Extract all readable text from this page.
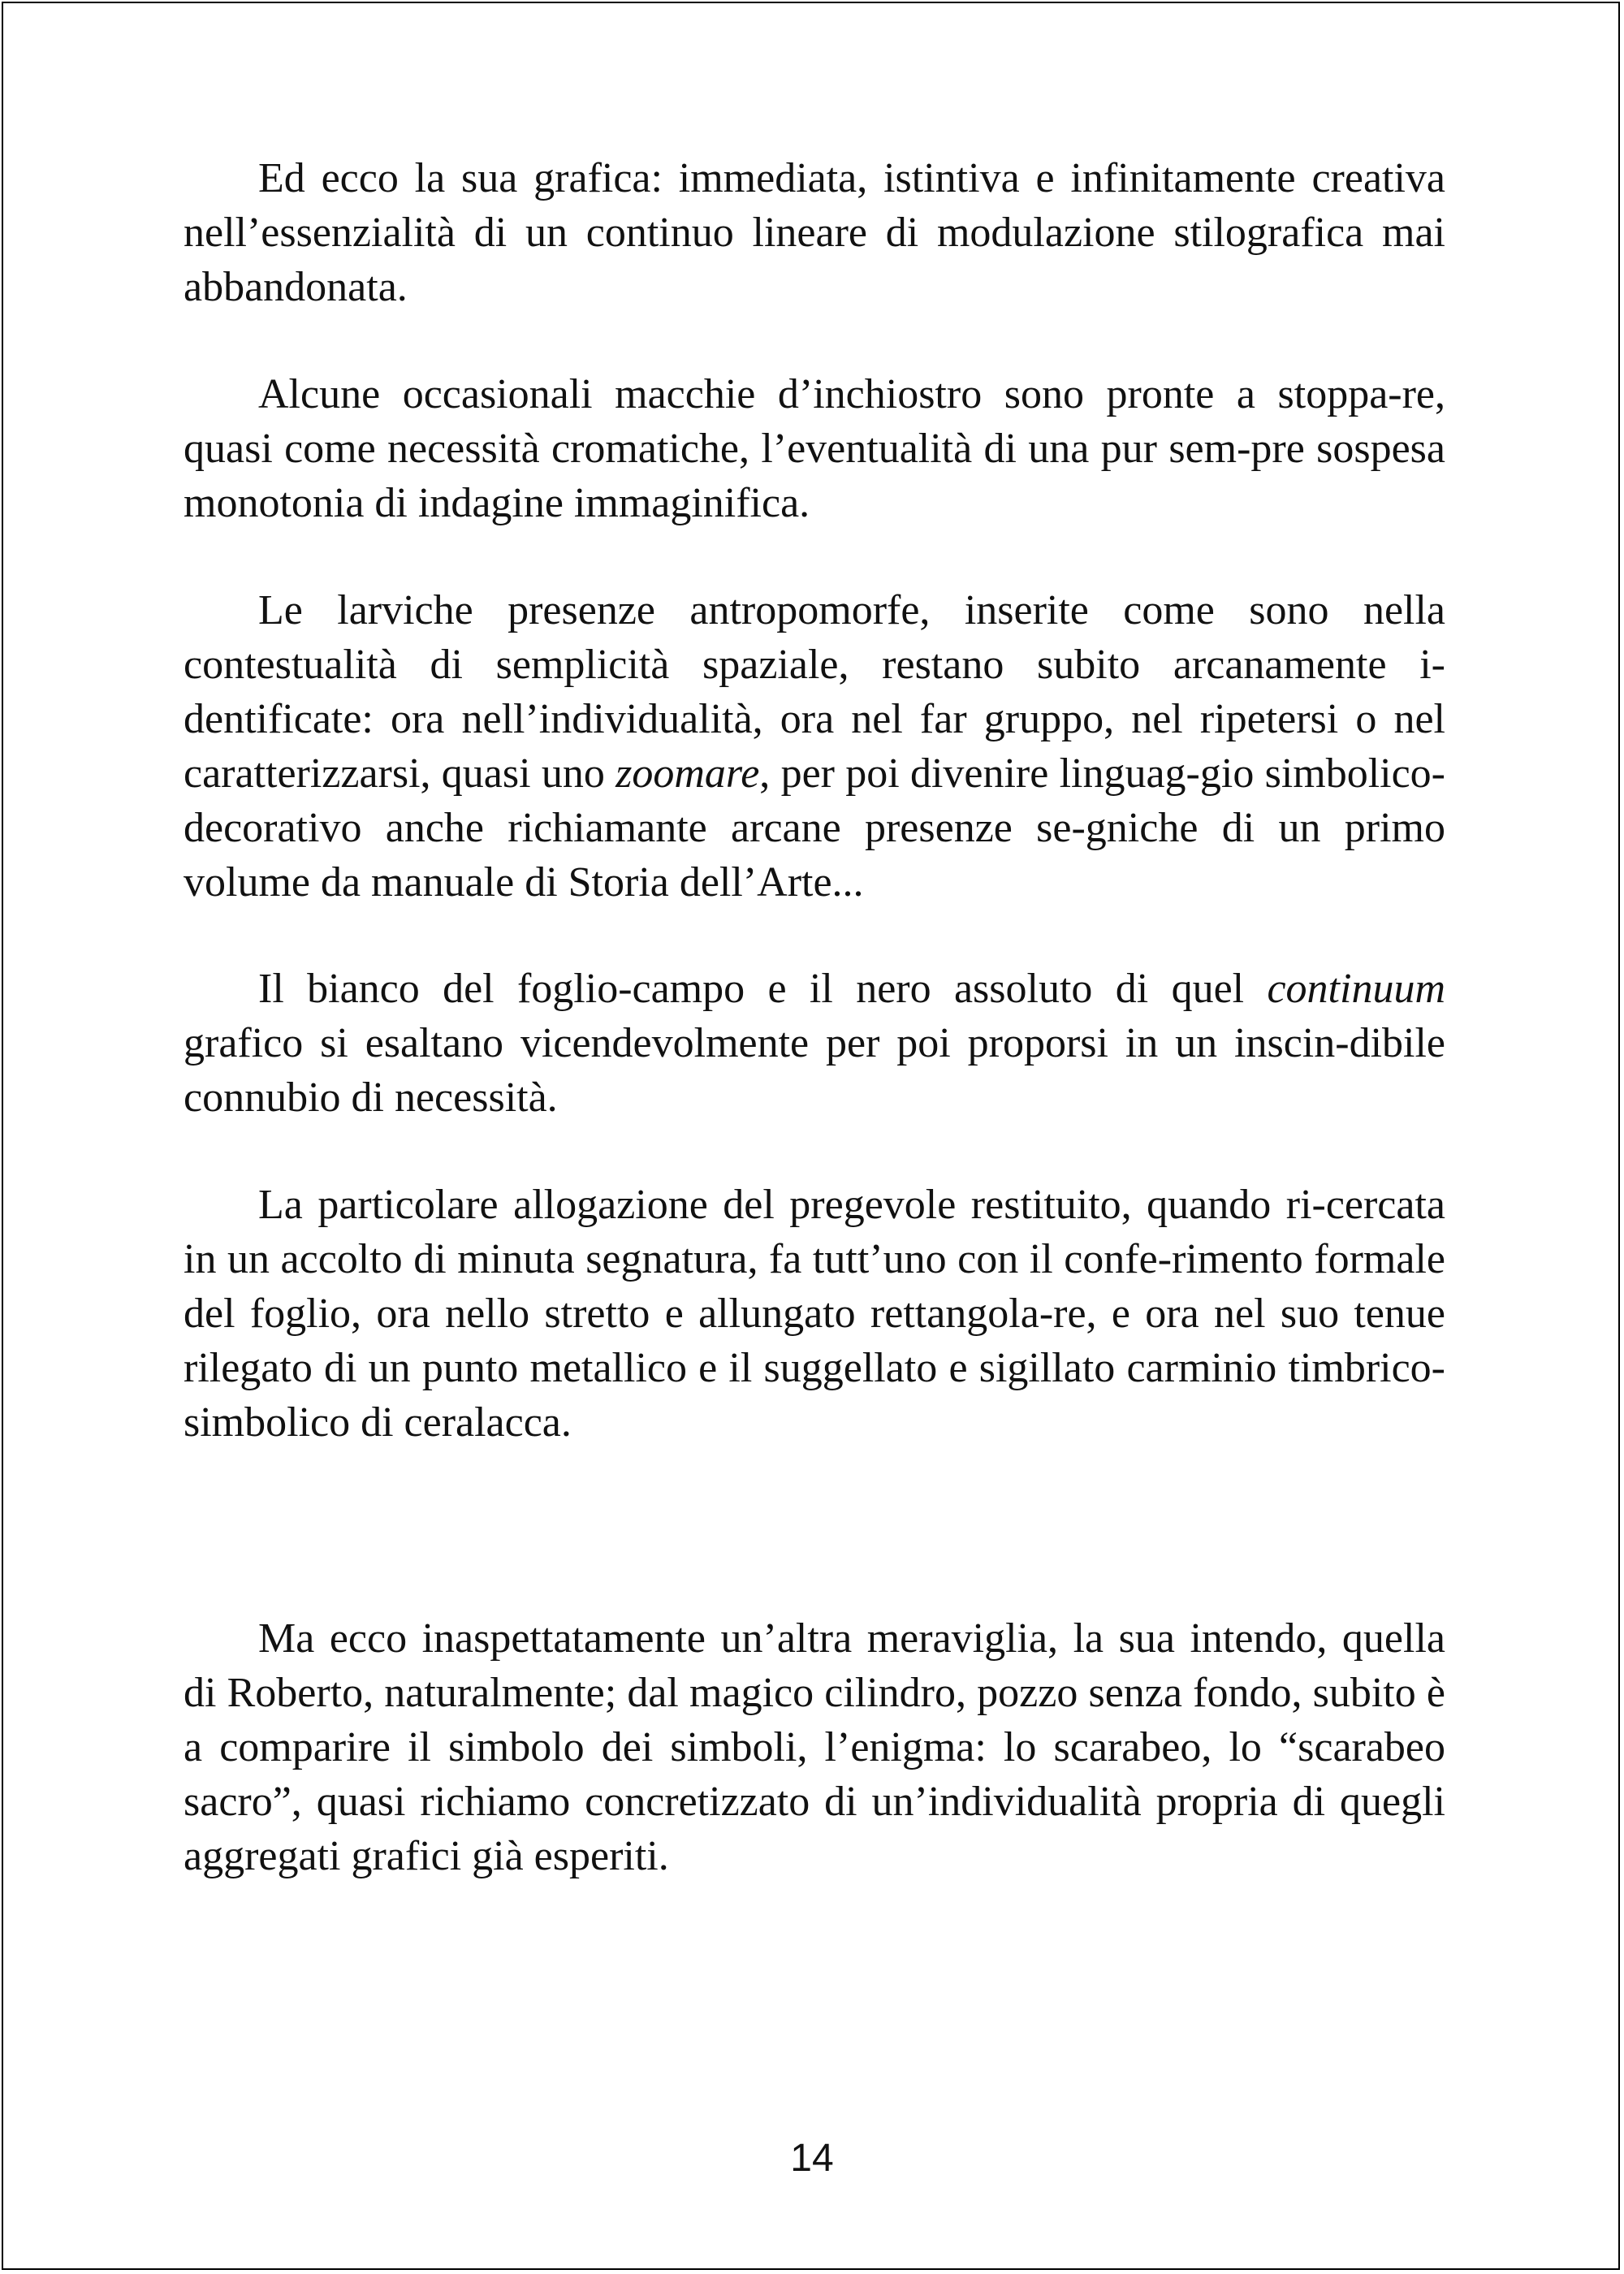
Ed ecco la sua grafica: immediata, istintiva e infinitamente creativa nell’essenzialità di un continuo lineare di modulazione stilografica mai abbandonata.

Alcune occasionali macchie d’inchiostro sono pronte a stoppa-re, quasi come necessità cromatiche, l’eventualità di una pur sem-pre sospesa monotonia di indagine immaginifica.

Le larviche presenze antropomorfe, inserite come sono nella contestualità di semplicità spaziale, restano subito arcanamente i-dentificate: ora nell’individualità, ora nel far gruppo, nel ripetersi o nel caratterizzarsi, quasi uno zoomare, per poi divenire linguag-gio simbolico-decorativo anche richiamante arcane presenze se-gniche di un primo volume da manuale di Storia dell’Arte...

Il bianco del foglio-campo e il nero assoluto di quel continuum grafico si esaltano vicendevolmente per poi proporsi in un inscin-dibile connubio di necessità.

La particolare allogazione del pregevole restituito, quando ri-cercata in un accolto di minuta segnatura, fa tutt’uno con il confe-rimento formale del foglio, ora nello stretto e allungato rettangola-re, e ora nel suo tenue rilegato di un punto metallico e il suggellato e sigillato carminio timbrico-simbolico di ceralacca.

Ma ecco inaspettatamente un’altra meraviglia, la sua intendo, quella di Roberto, naturalmente; dal magico cilindro, pozzo senza fondo, subito è a comparire il simbolo dei simboli, l’enigma: lo scarabeo, lo “scarabeo sacro”, quasi richiamo concretizzato di un’individualità propria di quegli aggregati grafici già esperiti.

14
